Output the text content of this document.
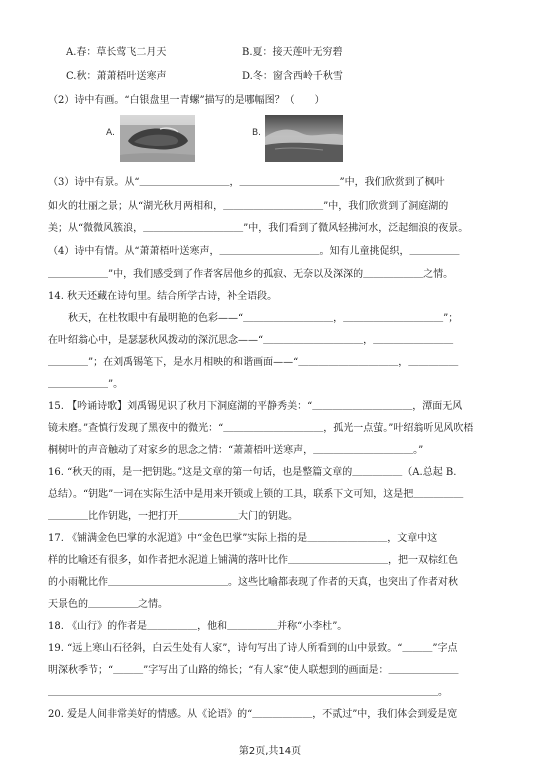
A.春：草长莺飞二月天	B.夏：接天莲叶无穷碧
C.秋：萧萧梧叶送寒声	D.冬：窗含西岭千秋雪
（2）诗中有画。“白银盘里一青螺”描写的是哪幅图？（　　）
A.	B.
（3）诗中有景。从“＿＿＿＿＿＿＿＿＿，＿＿＿＿＿＿＿＿＿＿”中，我们欣赏到了枫叶
如火的壮丽之景；从“湖光秋月两相和，＿＿＿＿＿＿＿＿＿＿”中，我们欣赏到了洞庭湖的
美；从“微微风簇浪，＿＿＿＿＿＿＿＿＿＿”中，我们看到了微风轻拂河水，泛起细浪的夜景。
（4）诗中有情。从“萧萧梧叶送寒声，＿＿＿＿＿＿＿＿＿＿。知有儿童挑促织，＿＿＿＿＿
＿＿＿＿＿＿”中，我们感受到了作者客居他乡的孤寂、无奈以及深深的＿＿＿＿＿＿之情。
14. 秋天还藏在诗句里。结合所学古诗，补全语段。
　　秋天，在杜牧眼中有最明艳的色彩——“＿＿＿＿＿＿＿＿＿，＿＿＿＿＿＿＿＿＿＿”；
在叶绍翁心中，是瑟瑟秋风拨动的深沉思念——“＿＿＿＿＿＿＿＿＿＿，＿＿＿＿＿＿＿＿
＿＿＿＿”；在刘禹锡笔下，是水月相映的和谐画面——“＿＿＿＿＿＿＿＿＿＿，＿＿＿＿＿
＿＿＿＿＿＿”。
15. 【吟诵诗歌】刘禹锡见识了秋月下洞庭湖的平静秀美：“＿＿＿＿＿＿＿＿＿＿，潭面无风
镜未磨。”查慎行发现了黑夜中的微光：“＿＿＿＿＿＿＿＿＿＿，孤光一点萤。”叶绍翁听见风吹梧
桐树叶的声音触动了对家乡的思念之情：“萧萧梧叶送寒声，＿＿＿＿＿＿＿＿＿＿。”
16. “秋天的雨，是一把钥匙。”这是文章的第一句话，也是整篇文章的＿＿＿＿＿（A.总起 B.
总结）。“钥匙”一词在实际生活中是用来开锁或上锁的工具，联系下文可知，这是把＿＿＿＿＿
＿＿＿＿比作钥匙，一把打开＿＿＿＿＿＿大门的钥匙。
17. 《铺满金色巴掌的水泥道》中“金色巴掌”实际上指的是＿＿＿＿＿＿＿＿，文章中这
样的比喻还有很多，如作者把水泥道上铺满的落叶比作＿＿＿＿＿＿＿＿＿＿，把一双棕红色
的小雨靴比作＿＿＿＿＿＿＿＿＿＿＿＿。这些比喻都表现了作者的天真，也突出了作者对秋
天景色的＿＿＿＿＿之情。
18. 《山行》的作者是＿＿＿＿＿，他和＿＿＿＿＿并称“小李杜”。
19. “远上寒山石径斜，白云生处有人家”，诗句写出了诗人所看到的山中景致。“＿＿＿”字点
明深秋季节；“＿＿＿”字写出了山路的绵长；“有人家”使人联想到的画面是：＿＿＿＿＿＿＿
＿＿＿＿＿＿＿＿＿＿＿＿＿＿＿＿＿＿＿＿＿＿＿＿＿＿＿＿＿＿＿＿＿＿＿＿＿＿＿。
20. 爱是人间非常美好的情感。从《论语》的“＿＿＿＿＿＿，不贰过”中，我们体会到爱是宽
第2页,共14页
